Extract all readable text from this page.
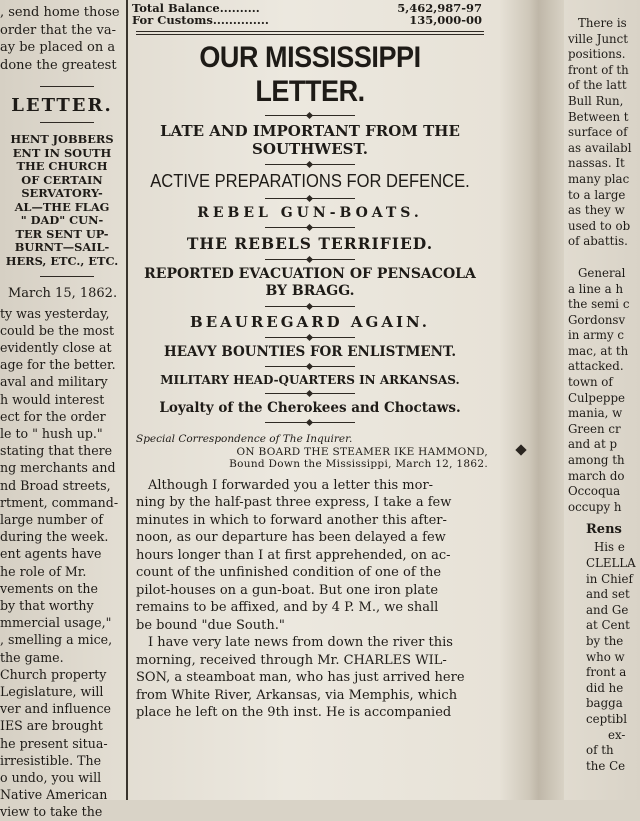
, send home those
order that the va-
ay be placed on a
done the greatest
LETTER.
HENT JOBBERS
ENT IN SOUTH
THE CHURCH
OF CERTAIN
SERVATORY-
AL—THE FLAG
" DAD" CUN-
TER SENT UP-
BURNT—SAIL-
HERS, ETC., ETC.
March 15, 1862.
ty was yesterday,
could be the most
evidently close at
age for the better.
aval and military
h would interest
ect for the order
le to " hush up."
stating that there
ng merchants and
nd Broad streets,
rtment, command-
large number of
during the week.
ent agents have
he role of Mr.
vements on the
by that worthy
mmercial usage,"
, smelling a mice,
the game.
Church property
Legislature, will
ver and influence
IES are brought
he present situa-
irresistible. The
o undo, you will
Native American
view to take the
Total Balance..........	5,462,987-97
For Customs..............	135,000-00
OUR MISSISSIPPI LETTER.
LATE AND IMPORTANT FROM THE SOUTHWEST.
ACTIVE PREPARATIONS FOR DEFENCE.
REBEL GUN-BOATS.
THE REBELS TERRIFIED.
REPORTED EVACUATION OF PENSACOLA BY BRAGG.
BEAUREGARD AGAIN.
HEAVY BOUNTIES FOR ENLISTMENT.
MILITARY HEAD-QUARTERS IN ARKANSAS.
Loyalty of the Cherokees and Choctaws.
Special Correspondence of The Inquirer.
ON BOARD THE STEAMER IKE HAMMOND,
Bound Down the Mississippi, March 12, 1862.
Although I forwarded you a letter this mor-
ning by the half-past three express, I take a few
minutes in which to forward another this after-
noon, as our departure has been delayed a few
hours longer than I at first apprehended, on ac-
count of the unfinished condition of one of the
pilot-houses on a gun-boat. But one iron plate
remains to be affixed, and by 4 P. M., we shall
be bound "due South."
I have very late news from down the river this
morning, received through Mr. CHARLES WIL-
SON, a steamboat man, who has just arrived here
from White River, Arkansas, via Memphis, which
place he left on the 9th inst. He is accompanied
There is
ville Junct
positions.
front of th
of the latt
Bull Run,
Between t
surface of
as availabl
nassas. It
many plac
to a large
as they w
used to ob
of abattis.
General
a line a h
the semi c
Gordonsv
in army c
mac, at th
attacked.
town of
Culpeppe
mania, w
Green cr
and at p
among th
march do
Occoqua
occupy h
Rens
His e
CLELLA
in Chief
and set
and Ge
at Cent
by the
who w
front a
did he
bagga
ceptibl
ex-
of th
the Ce
